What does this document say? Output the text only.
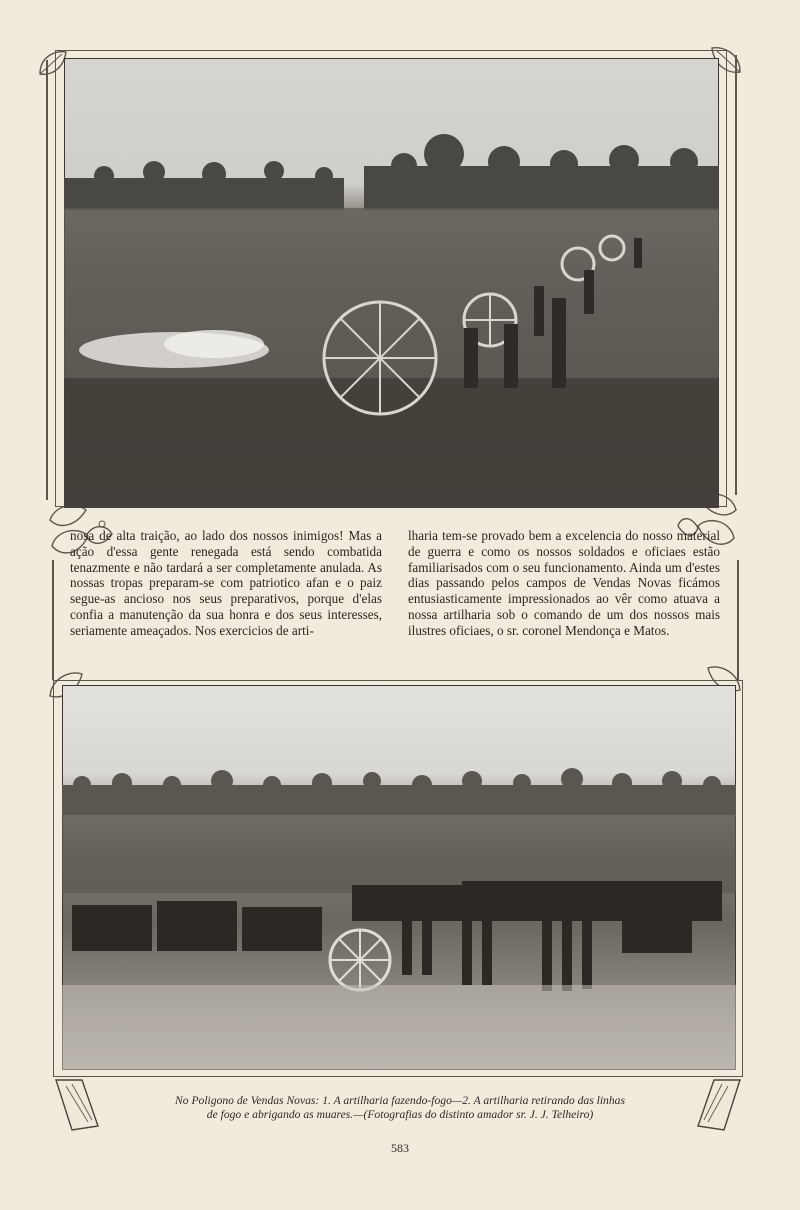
nosa de alta traição, ao lado dos nossos inimigos! Mas a ação d'essa gente renegada está sendo combatida tenazmente e não tardará a ser completamente anulada. As nossas tropas preparam-se com patriotico afan e o paiz segue-as ancioso nos seus preparativos, porque d'elas confia a manutenção da sua honra e dos seus interesses, seriamente ameaçados. Nos exercicios de arti-

lharia tem-se provado bem a excelencia do nosso material de guerra e como os nossos soldados e oficiaes estão familiarisados com o seu funcionamento. Ainda um d'estes dias passando pelos campos de Vendas Novas ficámos entusiasticamente impressionados ao vêr como atuava a nossa artilharia sob o comando de um dos nossos mais ilustres oficiaes, o sr. coronel Mendonça e Matos.

No Poligono de Vendas Novas: 1. A artilharia fazendo-fogo—2. A artilharia retirando das linhas
de fogo e abrigando as muares.—(Fotografias do distinto amador sr. J. J. Telheiro)
583
